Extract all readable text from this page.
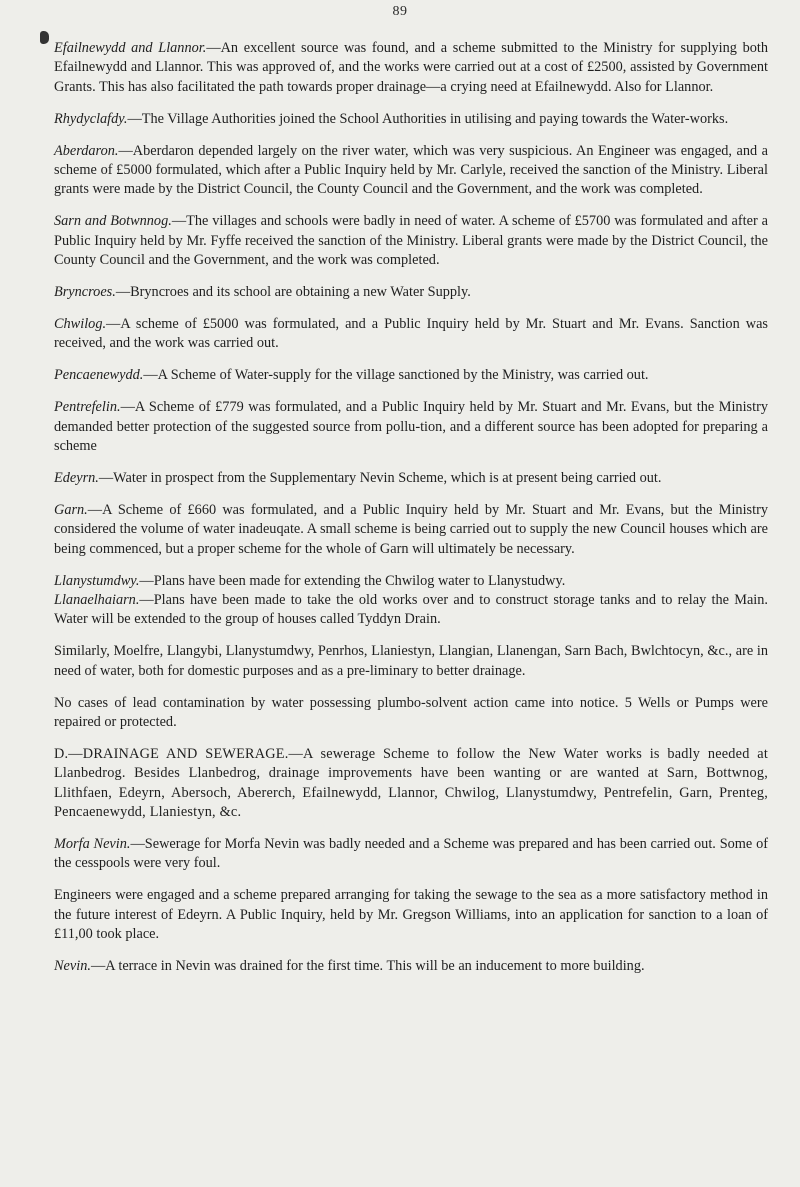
89

Efailnewydd and Llannor.—An excellent source was found, and a scheme submitted to the Ministry for supplying both Efailnewydd and Llannor. This was approved of, and the works were carried out at a cost of £2500, assisted by Government Grants. This has also facilitated the path towards proper drainage—a crying need at Efailnewydd. Also for Llannor.

Rhydyclafdy.—The Village Authorities joined the School Authorities in utilising and paying towards the Water-works.

Aberdaron.—Aberdaron depended largely on the river water, which was very suspicious. An Engineer was engaged, and a scheme of £5000 formulated, which after a Public Inquiry held by Mr. Carlyle, received the sanction of the Ministry. Liberal grants were made by the District Council, the County Council and the Government, and the work was completed.

Sarn and Botwnnog.—The villages and schools were badly in need of water. A scheme of £5700 was formulated and after a Public Inquiry held by Mr. Fyffe received the sanction of the Ministry. Liberal grants were made by the District Council, the County Council and the Government, and the work was completed.

Bryncroes.—Bryncroes and its school are obtaining a new Water Supply.

Chwilog.—A scheme of £5000 was formulated, and a Public Inquiry held by Mr. Stuart and Mr. Evans. Sanction was received, and the work was carried out.

Pencaenewydd.—A Scheme of Water-supply for the village sanctioned by the Ministry, was carried out.

Pentrefelin.—A Scheme of £779 was formulated, and a Public Inquiry held by Mr. Stuart and Mr. Evans, but the Ministry demanded better protection of the suggested source from pollu-tion, and a different source has been adopted for preparing a scheme

Edeyrn.—Water in prospect from the Supplementary Nevin Scheme, which is at present being carried out.

Garn.—A Scheme of £660 was formulated, and a Public Inquiry held by Mr. Stuart and Mr. Evans, but the Ministry considered the volume of water inadeuqate. A small scheme is being carried out to supply the new Council houses which are being commenced, but a proper scheme for the whole of Garn will ultimately be necessary.

Llanystumdwy.—Plans have been made for extending the Chwilog water to Llanystudwy.

Llanaelhaiarn.—Plans have been made to take the old works over and to construct storage tanks and to relay the Main. Water will be extended to the group of houses called Tyddyn Drain.

Similarly, Moelfre, Llangybi, Llanystumdwy, Penrhos, Llaniestyn, Llangian, Llanengan, Sarn Bach, Bwlchtocyn, &c., are in need of water, both for domestic purposes and as a pre-liminary to better drainage.

No cases of lead contamination by water possessing plumbo-solvent action came into notice. 5 Wells or Pumps were repaired or protected.

D.—DRAINAGE AND SEWERAGE.—A sewerage Scheme to follow the New Water works is badly needed at Llanbedrog. Besides Llanbedrog, drainage improvements have been wanting or are wanted at Sarn, Bottwnog, Llithfaen, Edeyrn, Abersoch, Abererch, Efailnewydd, Llannor, Chwilog, Llanystumdwy, Pentrefelin, Garn, Prenteg, Pencaenewydd, Llaniestyn, &c.

Morfa Nevin.—Sewerage for Morfa Nevin was badly needed and a Scheme was prepared and has been carried out. Some of the cesspools were very foul.

Engineers were engaged and a scheme prepared arranging for taking the sewage to the sea as a more satisfactory method in the future interest of Edeyrn. A Public Inquiry, held by Mr. Gregson Williams, into an application for sanction to a loan of £11,00 took place.

Nevin.—A terrace in Nevin was drained for the first time. This will be an inducement to more building.
